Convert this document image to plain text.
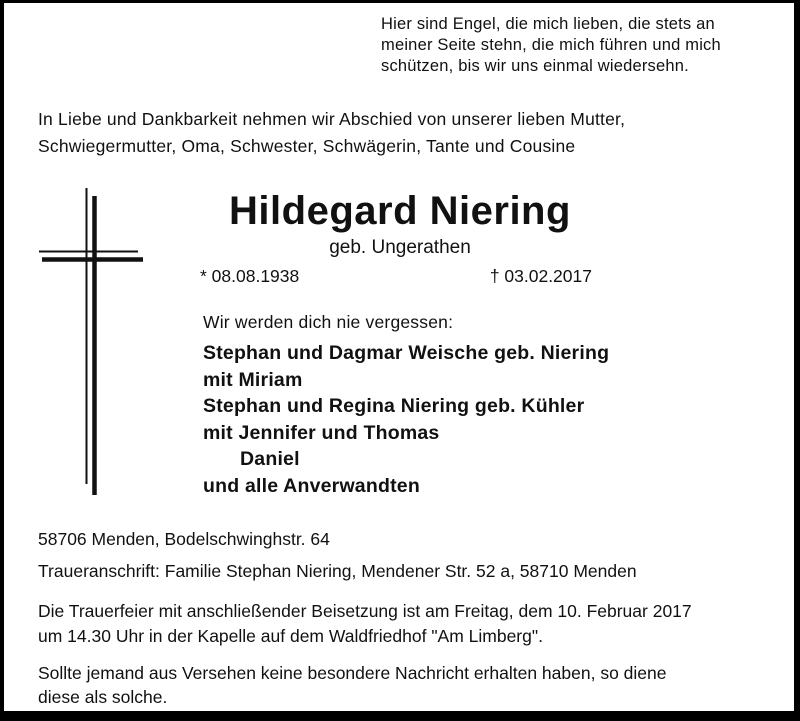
Hier sind Engel, die mich lieben, die stets an
meiner Seite stehn, die mich führen und mich
schützen, bis wir uns einmal wiedersehn.
In Liebe und Dankbarkeit nehmen wir Abschied von unserer lieben Mutter,
Schwiegermutter, Oma, Schwester, Schwägerin, Tante und Cousine
Hildegard Niering
geb. Ungerathen
* 08.08.1938	† 03.02.2017
Wir werden dich nie vergessen:
Stephan und Dagmar Weische geb. Niering
mit Miriam
Stephan und Regina Niering geb. Kühler
mit Jennifer und Thomas
Daniel
und alle Anverwandten
58706 Menden, Bodelschwinghstr. 64
Traueranschrift: Familie Stephan Niering, Mendener Str. 52 a, 58710 Menden
Die Trauerfeier mit anschließender Beisetzung ist am Freitag, dem 10. Februar 2017
um 14.30 Uhr in der Kapelle auf dem Waldfriedhof "Am Limberg".
Sollte jemand aus Versehen keine besondere Nachricht erhalten haben, so diene
diese als solche.
